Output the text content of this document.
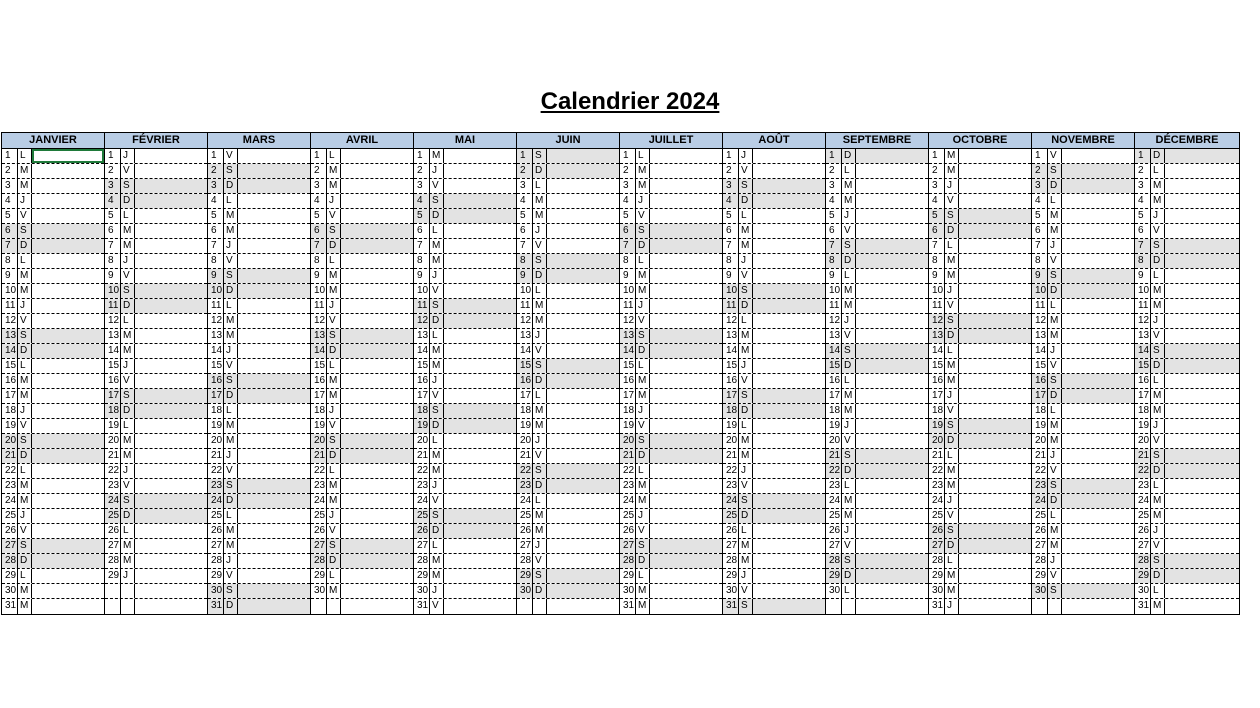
Calendrier 2024
JANVIER
1 L
2 M
3 M
4 J
5 V
6 S
7 D
8 L
9 M
10 M
11 J
12 V
13 S
14 D
15 L
16 M
17 M
18 J
19 V
20 S
21 D
22 L
23 M
24 M
25 J
26 V
27 S
28 D
29 L
30 M
31 M
FÉVRIER
1 J
2 V
3 S
4 D
5 L
6 M
7 M
8 J
9 V
10 S
11 D
12 L
13 M
14 M
15 J
16 V
17 S
18 D
19 L
20 M
21 M
22 J
23 V
24 S
25 D
26 L
27 M
28 M
29 J
MARS
1 V
2 S
3 D
4 L
5 M
6 M
7 J
8 V
9 S
10 D
11 L
12 M
13 M
14 J
15 V
16 S
17 D
18 L
19 M
20 M
21 J
22 V
23 S
24 D
25 L
26 M
27 M
28 J
29 V
30 S
31 D
AVRIL
1 L
2 M
3 M
4 J
5 V
6 S
7 D
8 L
9 M
10 M
11 J
12 V
13 S
14 D
15 L
16 M
17 M
18 J
19 V
20 S
21 D
22 L
23 M
24 M
25 J
26 V
27 S
28 D
29 L
30 M
MAI
1 M
2 J
3 V
4 S
5 D
6 L
7 M
8 M
9 J
10 V
11 S
12 D
13 L
14 M
15 M
16 J
17 V
18 S
19 D
20 L
21 M
22 M
23 J
24 V
25 S
26 D
27 L
28 M
29 M
30 J
31 V
JUIN
1 S
2 D
3 L
4 M
5 M
6 J
7 V
8 S
9 D
10 L
11 M
12 M
13 J
14 V
15 S
16 D
17 L
18 M
19 M
20 J
21 V
22 S
23 D
24 L
25 M
26 M
27 J
28 V
29 S
30 D
JUILLET
1 L
2 M
3 M
4 J
5 V
6 S
7 D
8 L
9 M
10 M
11 J
12 V
13 S
14 D
15 L
16 M
17 M
18 J
19 V
20 S
21 D
22 L
23 M
24 M
25 J
26 V
27 S
28 D
29 L
30 M
31 M
AOÛT
1 J
2 V
3 S
4 D
5 L
6 M
7 M
8 J
9 V
10 S
11 D
12 L
13 M
14 M
15 J
16 V
17 S
18 D
19 L
20 M
21 M
22 J
23 V
24 S
25 D
26 L
27 M
28 M
29 J
30 V
31 S
SEPTEMBRE
1 D
2 L
3 M
4 M
5 J
6 V
7 S
8 D
9 L
10 M
11 M
12 J
13 V
14 S
15 D
16 L
17 M
18 M
19 J
20 V
21 S
22 D
23 L
24 M
25 M
26 J
27 V
28 S
29 D
30 L
OCTOBRE
1 M
2 M
3 J
4 V
5 S
6 D
7 L
8 M
9 M
10 J
11 V
12 S
13 D
14 L
15 M
16 M
17 J
18 V
19 S
20 D
21 L
22 M
23 M
24 J
25 V
26 S
27 D
28 L
29 M
30 M
31 J
NOVEMBRE
1 V
2 S
3 D
4 L
5 M
6 M
7 J
8 V
9 S
10 D
11 L
12 M
13 M
14 J
15 V
16 S
17 D
18 L
19 M
20 M
21 J
22 V
23 S
24 D
25 L
26 M
27 M
28 J
29 V
30 S
DÉCEMBRE
1 D
2 L
3 M
4 M
5 J
6 V
7 S
8 D
9 L
10 M
11 M
12 J
13 V
14 S
15 D
16 L
17 M
18 M
19 J
20 V
21 S
22 D
23 L
24 M
25 M
26 J
27 V
28 S
29 D
30 L
31 M
